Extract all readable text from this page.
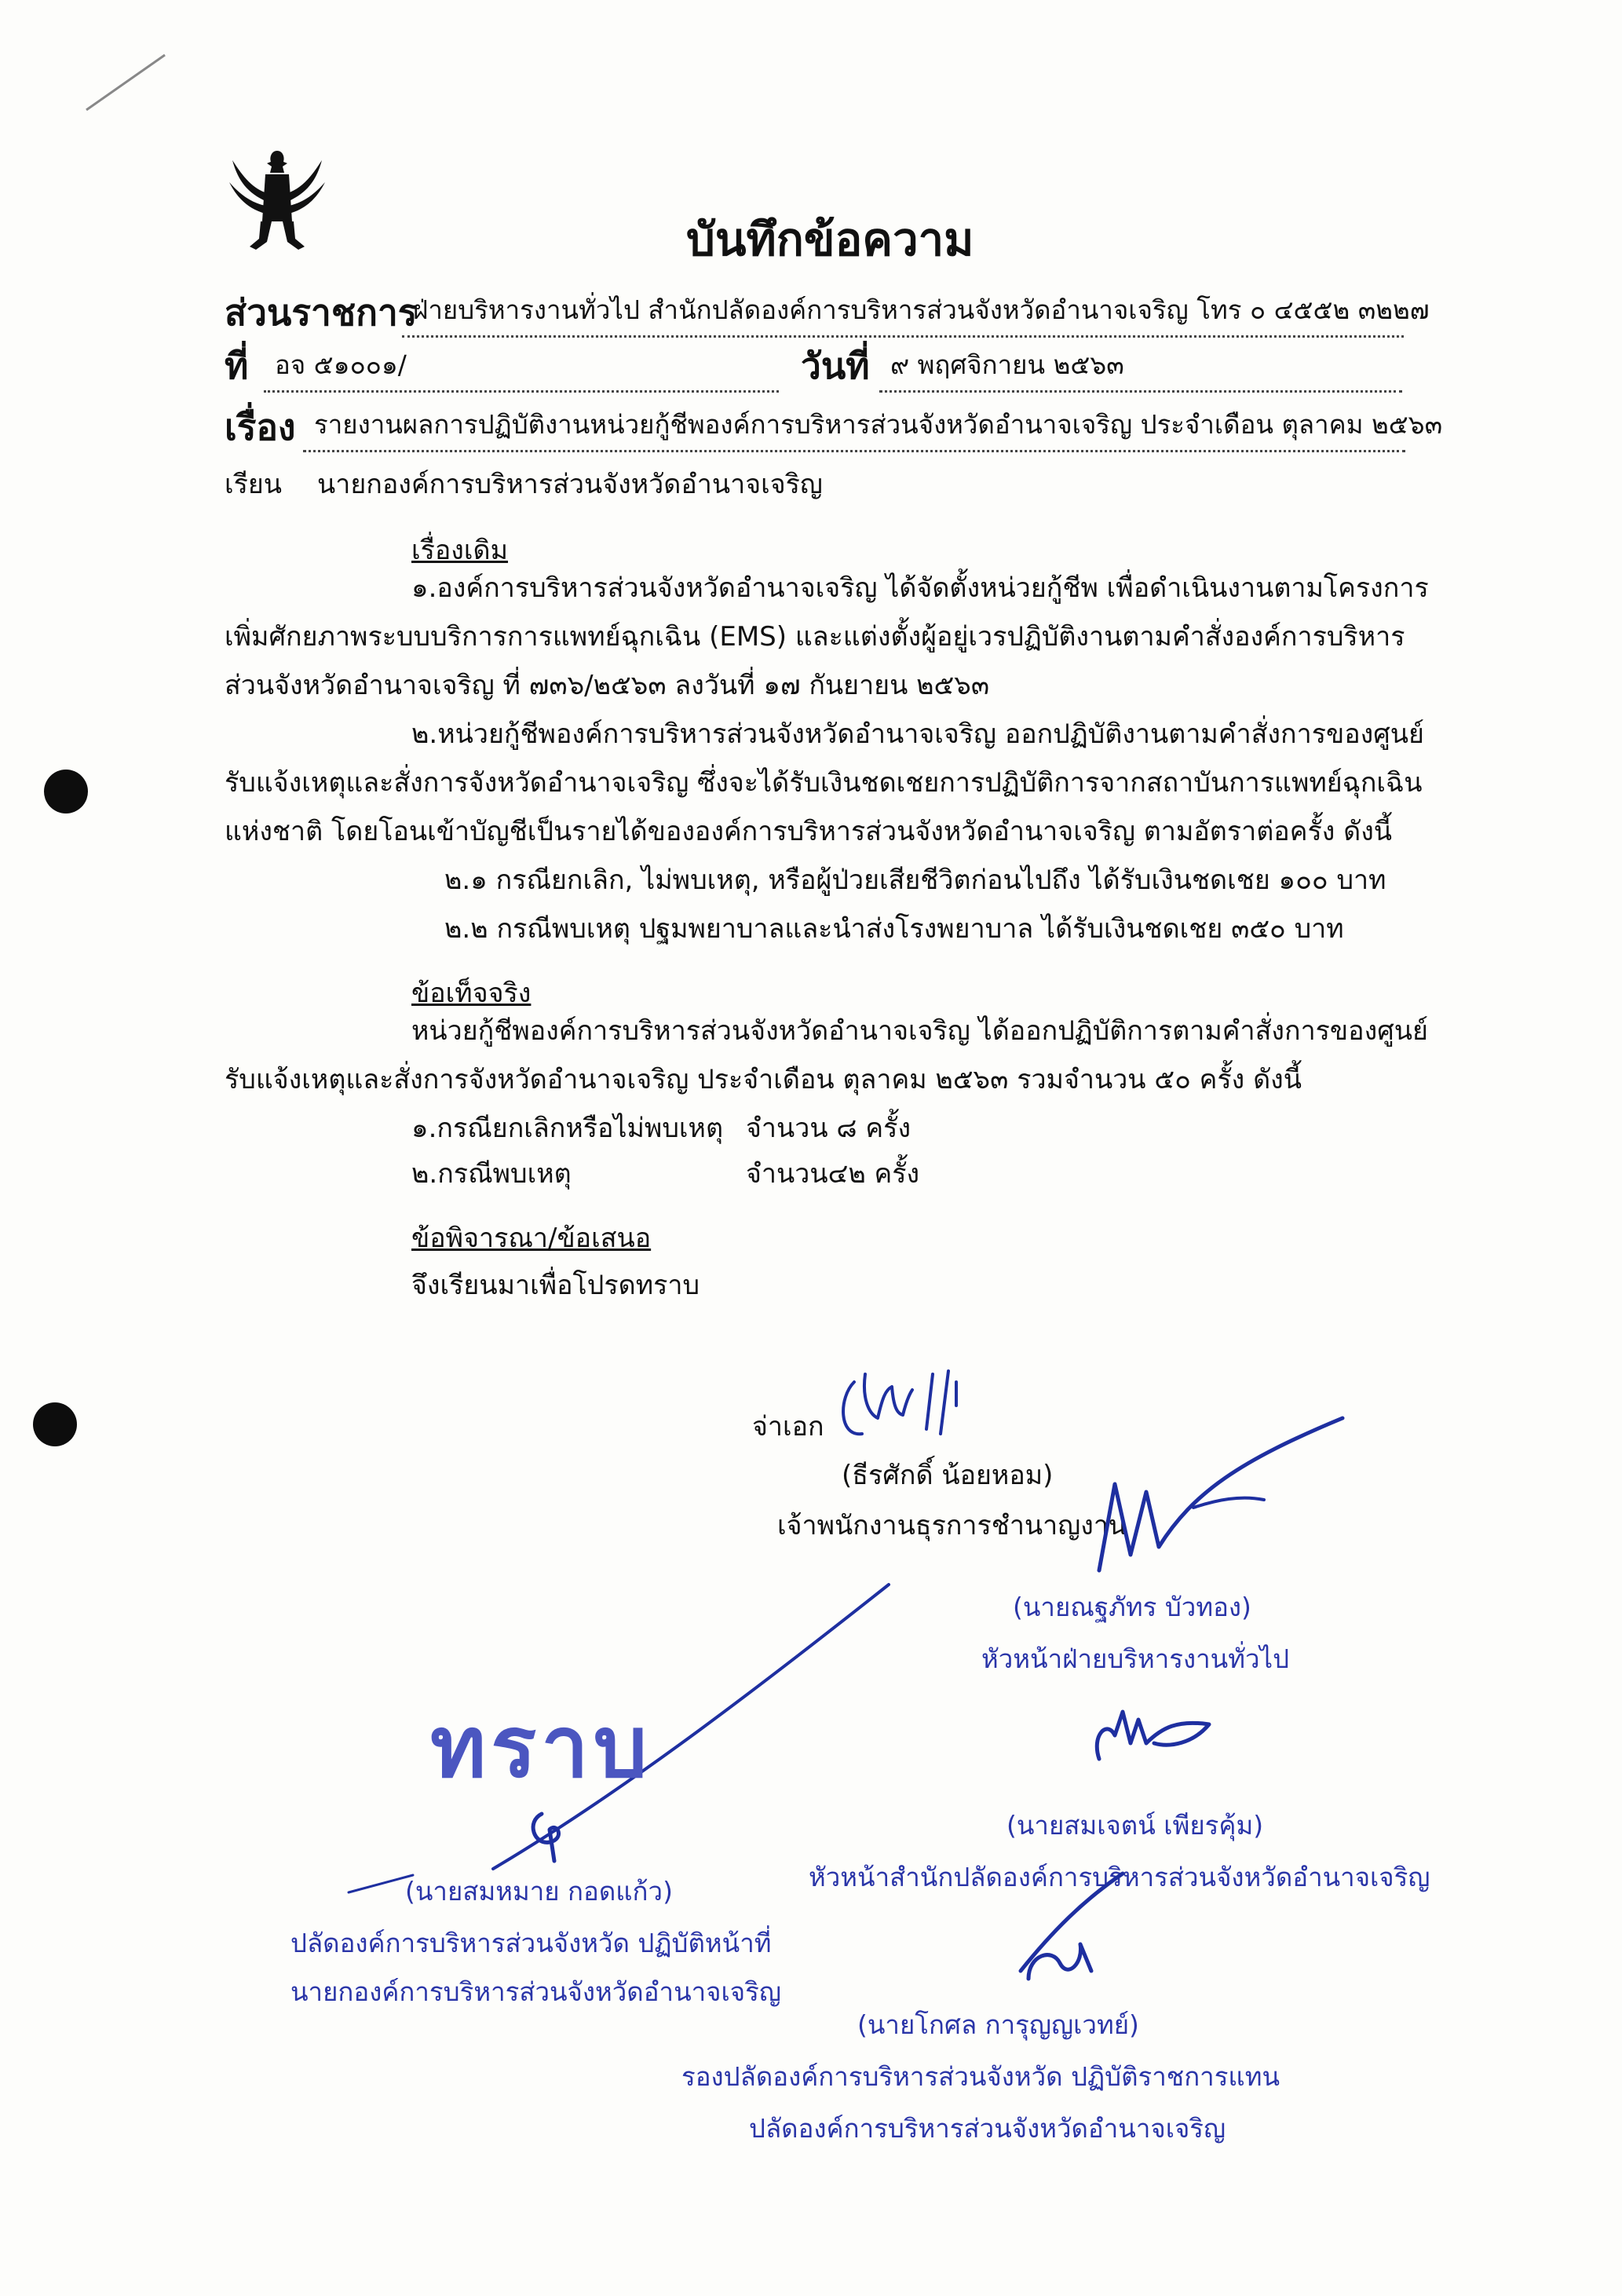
บันทึกข้อความ
ส่วนราชการ
ฝ่ายบริหารงานทั่วไป สำนักปลัดองค์การบริหารส่วนจังหวัดอำนาจเจริญ โทร ๐ ๔๕๕๒ ๓๒๒๗
ที่	อจ ๕๑๐๐๑/	วันที่ ๙ พฤศจิกายน ๒๕๖๓
เรื่อง รายงานผลการปฏิบัติงานหน่วยกู้ชีพองค์การบริหารส่วนจังหวัดอำนาจเจริญ ประจำเดือน ตุลาคม ๒๕๖๓
เรียน นายกองค์การบริหารส่วนจังหวัดอำนาจเจริญ
เรื่องเดิม
๑.องค์การบริหารส่วนจังหวัดอำนาจเจริญ ได้จัดตั้งหน่วยกู้ชีพ เพื่อดำเนินงานตามโครงการ
เพิ่มศักยภาพระบบบริการการแพทย์ฉุกเฉิน (EMS) และแต่งตั้งผู้อยู่เวรปฏิบัติงานตามคำสั่งองค์การบริหาร
ส่วนจังหวัดอำนาจเจริญ ที่ ๗๓๖/๒๕๖๓ ลงวันที่ ๑๗ กันยายน ๒๕๖๓
๒.หน่วยกู้ชีพองค์การบริหารส่วนจังหวัดอำนาจเจริญ ออกปฏิบัติงานตามคำสั่งการของศูนย์
รับแจ้งเหตุและสั่งการจังหวัดอำนาจเจริญ ซึ่งจะได้รับเงินชดเชยการปฏิบัติการจากสถาบันการแพทย์ฉุกเฉิน
แห่งชาติ โดยโอนเข้าบัญชีเป็นรายได้ขององค์การบริหารส่วนจังหวัดอำนาจเจริญ ตามอัตราต่อครั้ง ดังนี้
๒.๑ กรณียกเลิก, ไม่พบเหตุ, หรือผู้ป่วยเสียชีวิตก่อนไปถึง ได้รับเงินชดเชย ๑๐๐ บาท
๒.๒ กรณีพบเหตุ ปฐมพยาบาลและนำส่งโรงพยาบาล ได้รับเงินชดเชย ๓๕๐ บาท
ข้อเท็จจริง
หน่วยกู้ชีพองค์การบริหารส่วนจังหวัดอำนาจเจริญ ได้ออกปฏิบัติการตามคำสั่งการของศูนย์
รับแจ้งเหตุและสั่งการจังหวัดอำนาจเจริญ ประจำเดือน ตุลาคม ๒๕๖๓ รวมจำนวน ๕๐ ครั้ง ดังนี้
๑.กรณียกเลิกหรือไม่พบเหตุ จำนวน ๘ ครั้ง
๒.กรณีพบเหตุ	จำนวน๔๒ ครั้ง
ข้อพิจารณา/ข้อเสนอ
จึงเรียนมาเพื่อโปรดทราบ
จ่าเอก
(ธีรศักดิ์ น้อยหอม)
เจ้าพนักงานธุรการชำนาญงาน
(นายณฐภัทร บัวทอง)
หัวหน้าฝ่ายบริหารงานทั่วไป
(นายสมเจตน์ เพียรคุ้ม)
หัวหน้าสำนักปลัดองค์การบริหารส่วนจังหวัดอำนาจเจริญ
ทราบ
(นายสมหมาย กอดแก้ว)
ปลัดองค์การบริหารส่วนจังหวัด ปฏิบัติหน้าที่
นายกองค์การบริหารส่วนจังหวัดอำนาจเจริญ
(นายโกศล การุญญเวทย์)
รองปลัดองค์การบริหารส่วนจังหวัด ปฏิบัติราชการแทน
ปลัดองค์การบริหารส่วนจังหวัดอำนาจเจริญ
